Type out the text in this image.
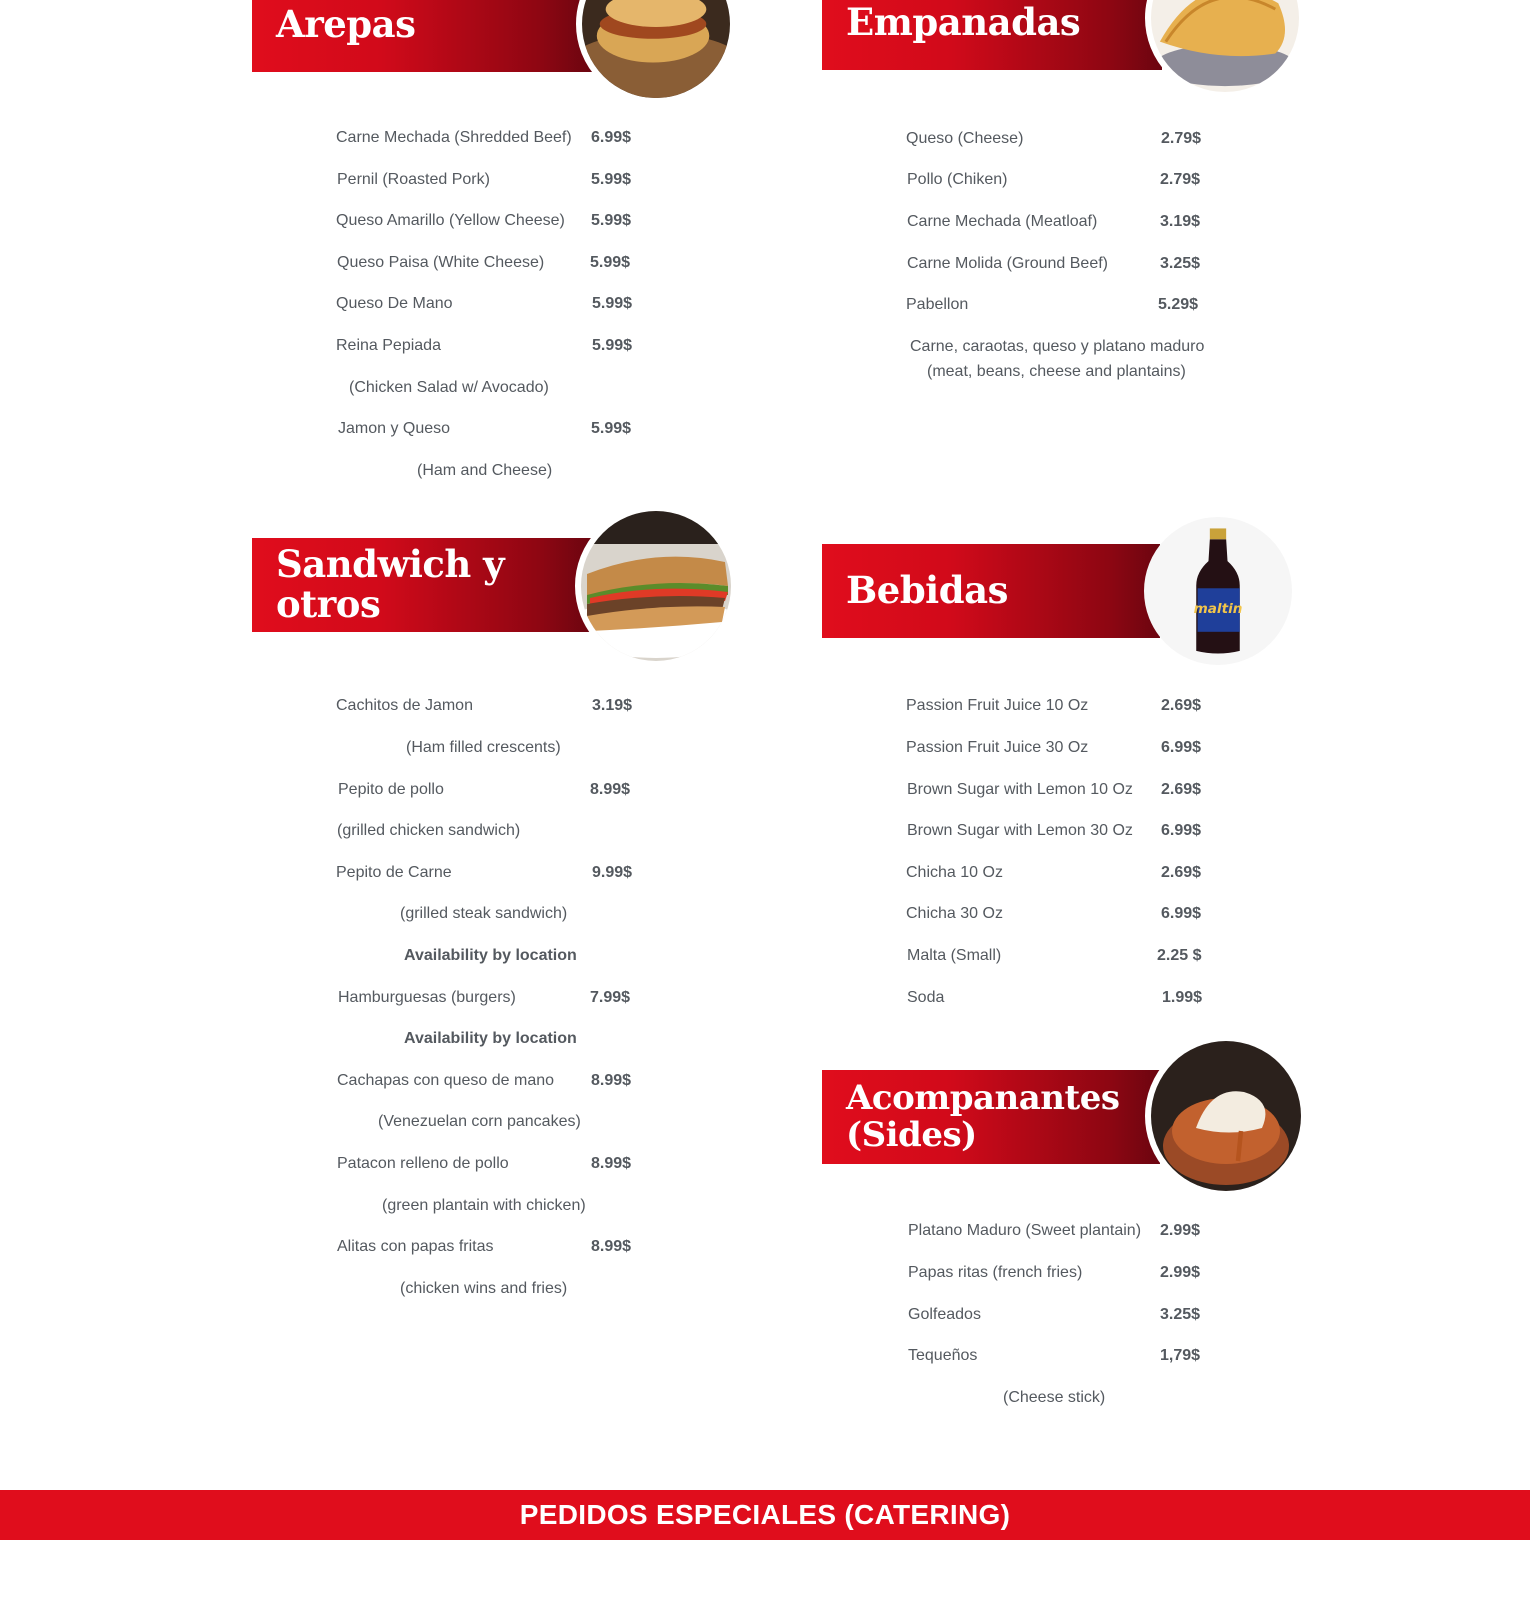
Arepas
Carne Mechada (Shredded Beef) 6.99$
Pernil (Roasted Pork)	5.99$
Queso Amarillo (Yellow Cheese) 5.99$
Queso Paisa (White Cheese)	5.99$
Queso De Mano	5.99$
Reina Pepiada	5.99$
(Chicken Salad w/ Avocado)
Jamon y Queso	5.99$
(Ham and Cheese)
Empanadas
Queso (Cheese)	2.79$
Pollo (Chiken)	2.79$
Carne Mechada (Meatloaf)	3.19$
Carne Molida (Ground Beef)	3.25$
Pabellon	5.29$
Carne, caraotas, queso y platano maduro
(meat, beans, cheese and plantains)
Sandwich y otros
Cachitos de Jamon	3.19$
(Ham filled crescents)
Pepito de pollo	8.99$
(grilled chicken sandwich)
Pepito de Carne	9.99$
(grilled steak sandwich)
Availability by location
Hamburguesas (burgers)	7.99$
Availability by location
Cachapas con queso de mano 8.99$
(Venezuelan corn pancakes)
Patacon relleno de pollo	8.99$
(green plantain with chicken)
Alitas con papas fritas	8.99$
(chicken wins and fries)
Bebidas	maltin
Passion Fruit Juice 10 Oz	2.69$
Passion Fruit Juice 30 Oz	6.99$
Brown Sugar with Lemon 10 Oz 2.69$
Brown Sugar with Lemon 30 Oz 6.99$
Chicha 10 Oz	2.69$
Chicha 30 Oz	6.99$
Malta (Small)	2.25 $
Soda	1.99$
Acompanantes
(Sides)
Platano Maduro (Sweet plantain) 2.99$
Papas ritas (french fries)	2.99$
Golfeados	3.25$
Tequeños	1,79$
(Cheese stick)
PEDIDOS ESPECIALES (CATERING)
